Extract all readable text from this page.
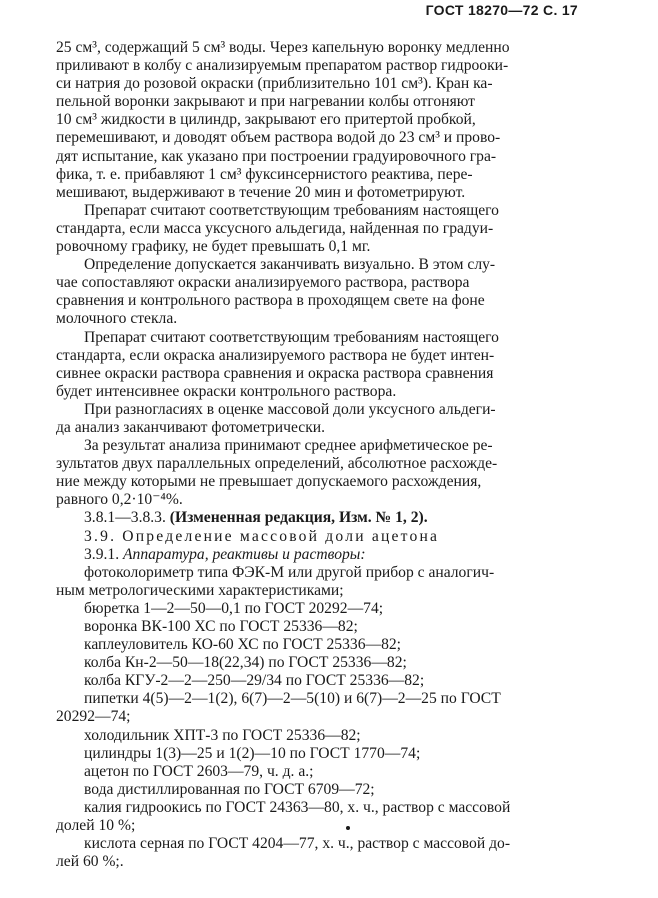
ГОСТ 18270—72 С. 17
25 см³, содержащий 5 см³ воды. Через капельную воронку медленно
приливают в колбу с анализируемым препаратом раствор гидрооки-
си натрия до розовой окраски (приблизительно 101 см³). Кран ка-
пельной воронки закрывают и при нагревании колбы отгоняют
10 см³ жидкости в цилиндр, закрывают его притертой пробкой,
перемешивают, и доводят объем раствора водой до 23 см³ и прово-
дят испытание, как указано при построении градуировочного гра-
фика, т. е. прибавляют 1 см³ фуксинсернистого реактива, пере-
мешивают, выдерживают в течение 20 мин и фотометрируют.
Препарат считают соответствующим требованиям настоящего
стандарта, если масса уксусного альдегида, найденная по градуи-
ровочному графику, не будет превышать 0,1 мг.
Определение допускается заканчивать визуально. В этом слу-
чае сопоставляют окраски анализируемого раствора, раствора
сравнения и контрольного раствора в проходящем свете на фоне
молочного стекла.
Препарат считают соответствующим требованиям настоящего
стандарта, если окраска анализируемого раствора не будет интен-
сивнее окраски раствора сравнения и окраска раствора сравнения
будет интенсивнее окраски контрольного раствора.
При разногласиях в оценке массовой доли уксусного альдеги-
да анализ заканчивают фотометрически.
За результат анализа принимают среднее арифметическое ре-
зультатов двух параллельных определений, абсолютное расхожде-
ние между которыми не превышает допускаемого расхождения,
равного 0,2·10⁻⁴%.
3.8.1—3.8.3. (Измененная редакция, Изм. № 1, 2).
3.9. Определение массовой доли ацетона
3.9.1. Аппаратура, реактивы и растворы:
фотоколориметр типа ФЭК-М или другой прибор с аналогич-
ным метрологическими характеристиками;
бюретка 1—2—50—0,1 по ГОСТ 20292—74;
воронка ВК-100 ХС по ГОСТ 25336—82;
каплеуловитель КО-60 ХС по ГОСТ 25336—82;
колба Кн-2—50—18(22,34) по ГОСТ 25336—82;
колба КГУ-2—2—250—29/34 по ГОСТ 25336—82;
пипетки 4(5)—2—1(2), 6(7)—2—5(10) и 6(7)—2—25 по ГОСТ
20292—74;
холодильник ХПТ-3 по ГОСТ 25336—82;
цилиндры 1(3)—25 и 1(2)—10 по ГОСТ 1770—74;
ацетон по ГОСТ 2603—79, ч. д. а.;
вода дистиллированная по ГОСТ 6709—72;
калия гидроокись по ГОСТ 24363—80, х. ч., раствор с массовой
долей 10 %;
кислота серная по ГОСТ 4204—77, х. ч., раствор с массовой до-
лей 60 %;.
